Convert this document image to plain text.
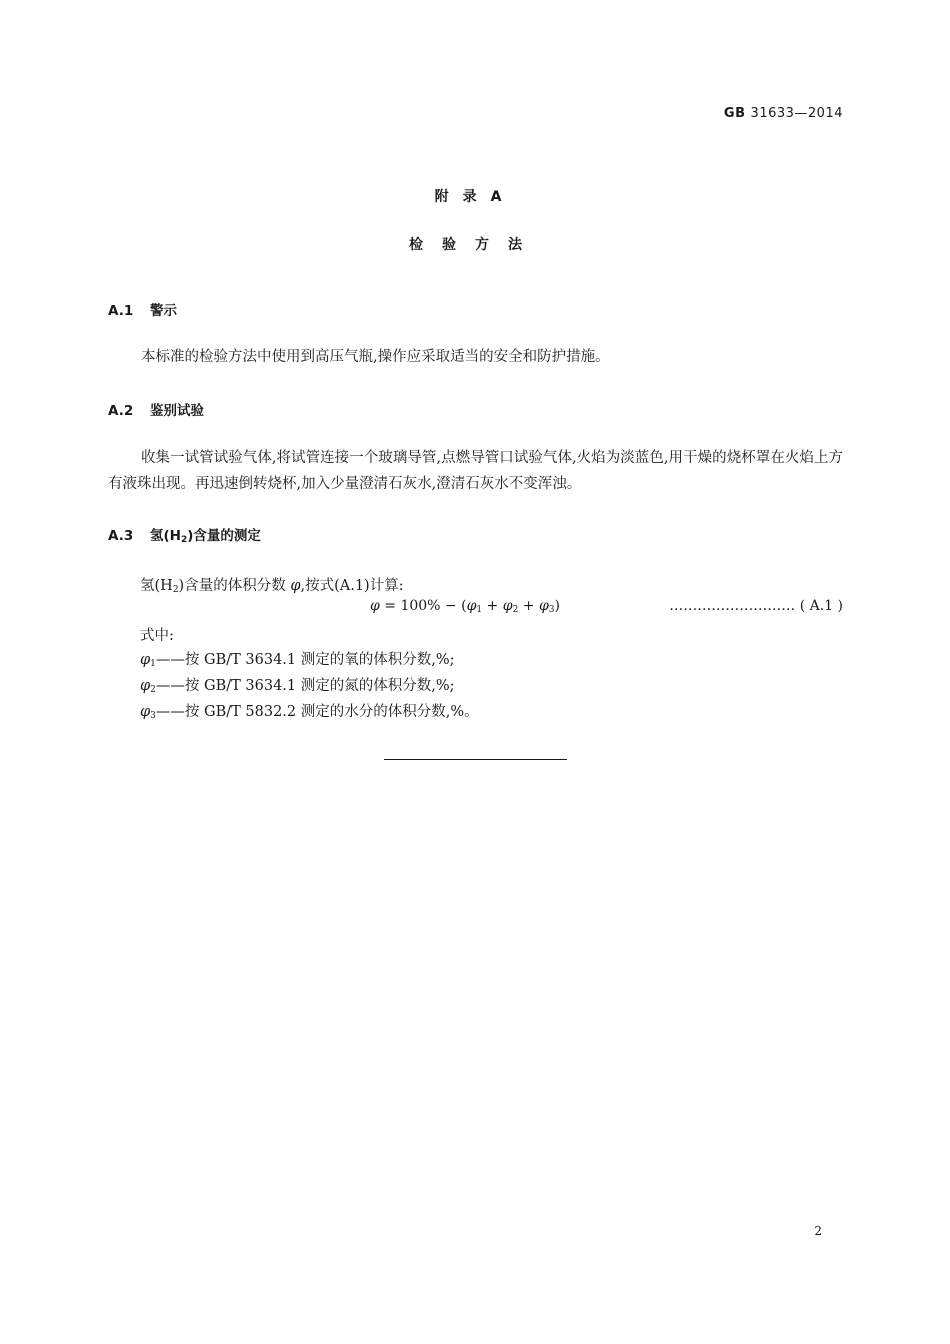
GB 31633—2014
附录A
检验方法
A.1 警示

本标准的检验方法中使用到高压气瓶,操作应采取适当的安全和防护措施。

A.2 鉴别试验

收集一试管试验气体,将试管连接一个玻璃导管,点燃导管口试验气体,火焰为淡蓝色,用干燥的烧杯罩在火焰上方有液珠出现。再迅速倒转烧杯,加入少量澄清石灰水,澄清石灰水不变浑浊。

A.3 氢$(H_2)$含量的测定
氢$(H_2)$含量的体积分数 φ,按式(A.1)计算:
$\varphi = 100\% - (\varphi_1 + \varphi_2 + \varphi_3)$	……………………… ( A.1 )
式中:
$\varphi_1——$按 GB/T 3634.1 测定的氧的体积分数,%;
$\varphi_2——$按 GB/T 3634.1 测定的氮的体积分数,%;
$\varphi_3——$按 GB/T 5832.2 测定的水分的体积分数,%。
2
